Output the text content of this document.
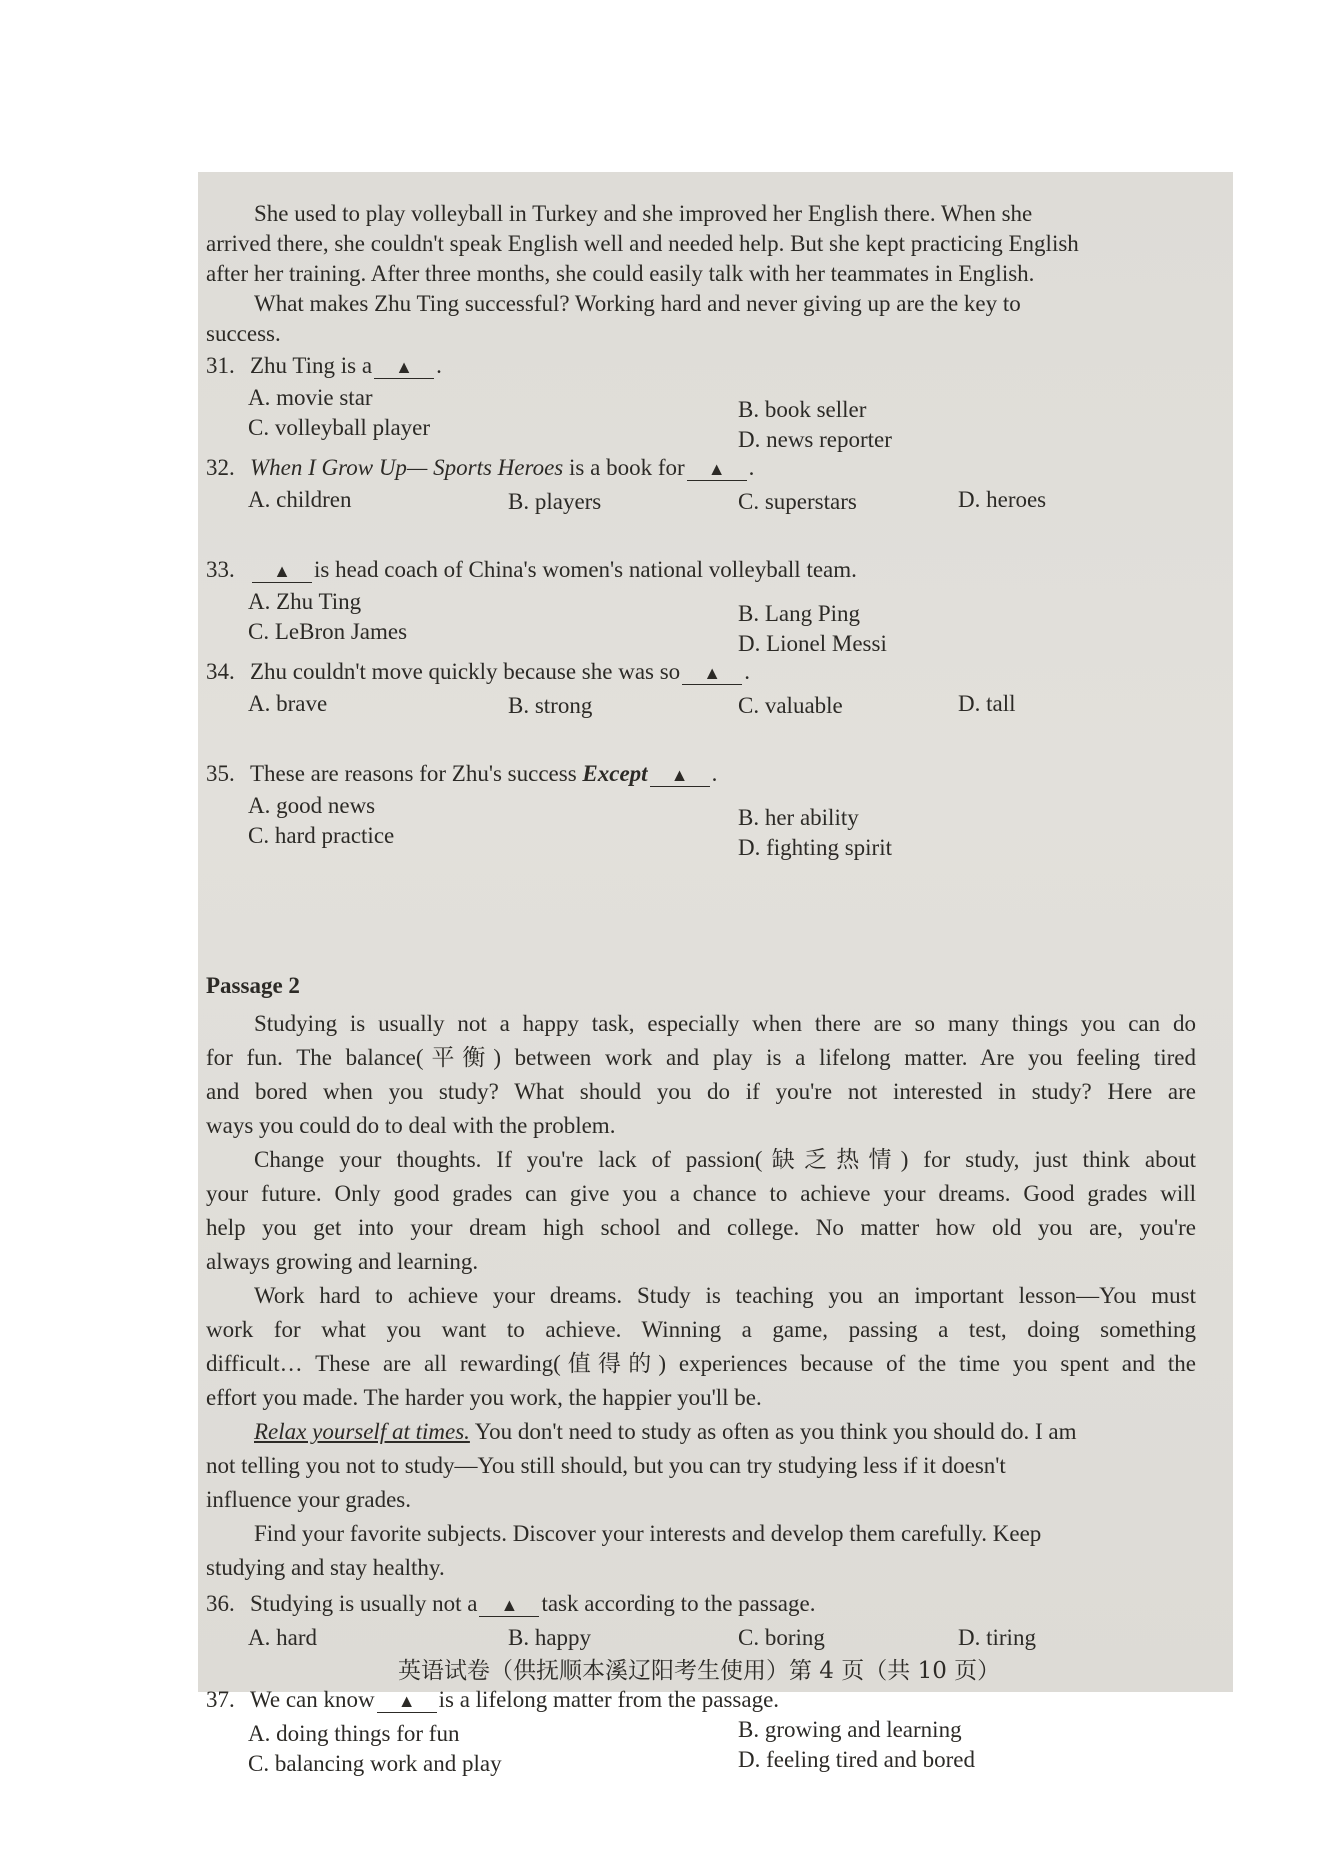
She used to play volleyball in Turkey and she improved her English there. When she
arrived there, she couldn't speak English well and needed help. But she kept practicing English
after her training. After three months, she could easily talk with her teammates in English.
What makes Zhu Ting successful? Working hard and never giving up are the key to
success.
31. Zhu Ting is a ▲ .
A. movie star	B. book seller
C. volleyball player	D. news reporter
32. When I Grow Up— Sports Heroes is a book for ▲ .
A. children	B. players	C. superstars	D. heroes
33.	▲ is head coach of China's women's national volleyball team.
A. Zhu Ting	B. Lang Ping
C. LeBron James	D. Lionel Messi
34. Zhu couldn't move quickly because she was so ▲ .
A. brave	B. strong	C. valuable	D. tall
35. These are reasons for Zhu's success Except ▲ .
A. good news	B. her ability
C. hard practice	D. fighting spirit
Passage 2
Studying is usually not a happy task, especially when there are so many things you can do
for fun. The balance(平衡) between work and play is a lifelong matter. Are you feeling tired
and bored when you study? What should you do if you're not interested in study? Here are
ways you could do to deal with the problem.
Change your thoughts. If you're lack of passion(缺乏热情) for study, just think about
your future. Only good grades can give you a chance to achieve your dreams. Good grades will
help you get into your dream high school and college. No matter how old you are, you're
always growing and learning.
Work hard to achieve your dreams. Study is teaching you an important lesson—You must
work for what you want to achieve. Winning a game, passing a test, doing something
difficult… These are all rewarding(值得的) experiences because of the time you spent and the
effort you made. The harder you work, the happier you'll be.
Relax yourself at times. You don't need to study as often as you think you should do. I am
not telling you not to study—You still should, but you can try studying less if it doesn't
influence your grades.
Find your favorite subjects. Discover your interests and develop them carefully. Keep
studying and stay healthy.
36. Studying is usually not a ▲ task according to the passage.
A. hard	B. happy	C. boring	D. tiring
37. We can know ▲ is a lifelong matter from the passage.
A. doing things for fun	B. growing and learning
C. balancing work and play	D. feeling tired and bored
英语试卷（供抚顺本溪辽阳考生使用）第 4 页（共 10 页）
